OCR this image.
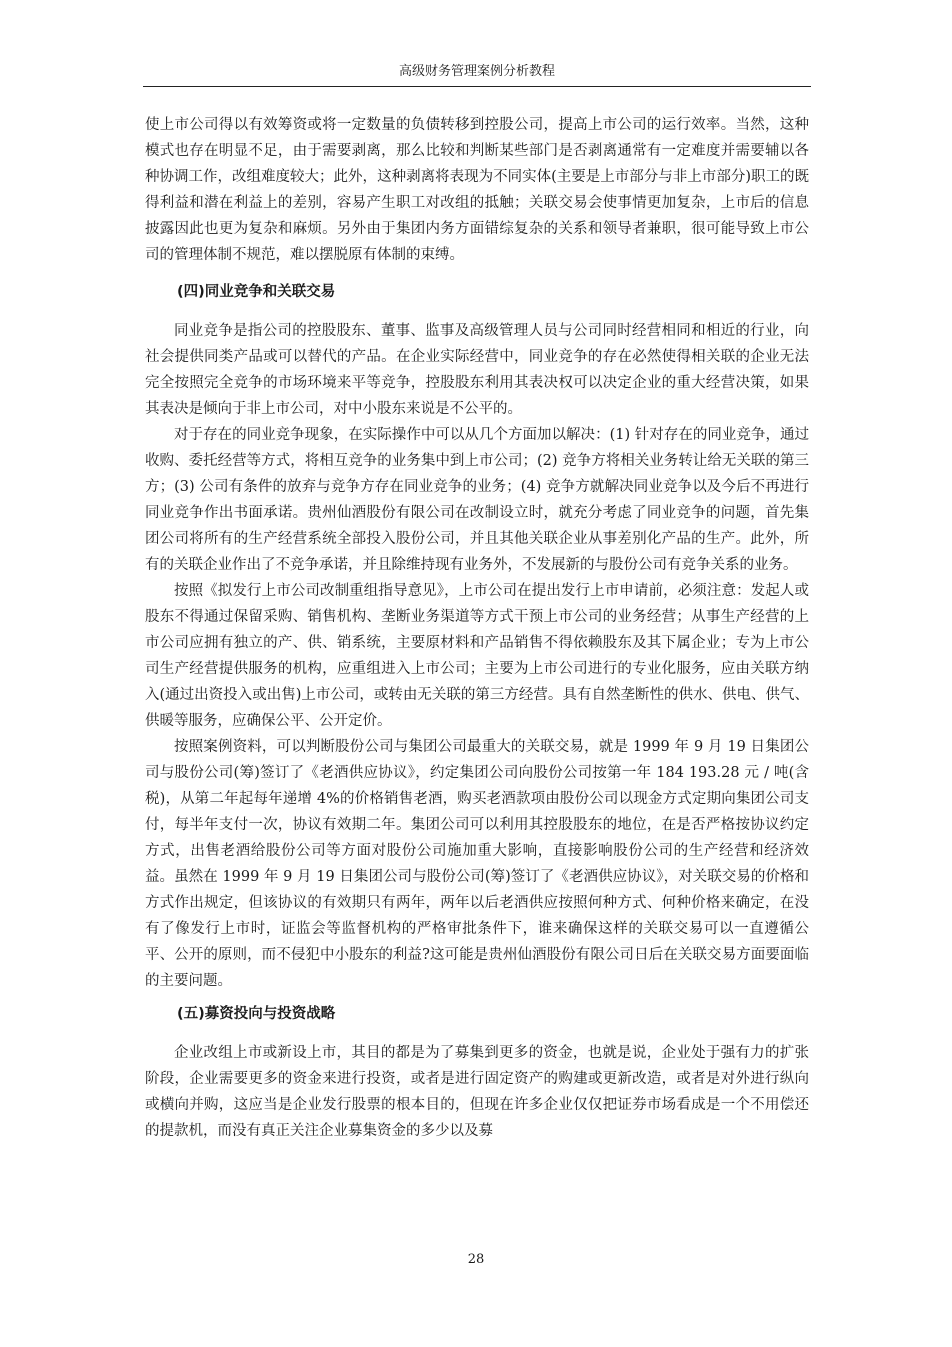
高级财务管理案例分析教程

使上市公司得以有效筹资或将一定数量的负债转移到控股公司，提高上市公司的运行效率。当然，这种模式也存在明显不足，由于需要剥离，那么比较和判断某些部门是否剥离通常有一定难度并需要辅以各种协调工作，改组难度较大；此外，这种剥离将表现为不同实体(主要是上市部分与非上市部分)职工的既得利益和潜在利益上的差别，容易产生职工对改组的抵触；关联交易会使事情更加复杂，上市后的信息披露因此也更为复杂和麻烦。另外由于集团内务方面错综复杂的关系和领导者兼职，很可能导致上市公司的管理体制不规范，难以摆脱原有体制的束缚。

(四)同业竞争和关联交易

同业竞争是指公司的控股股东、董事、监事及高级管理人员与公司同时经营相同和相近的行业，向社会提供同类产品或可以替代的产品。在企业实际经营中，同业竞争的存在必然使得相关联的企业无法完全按照完全竞争的市场环境来平等竞争，控股股东利用其表决权可以决定企业的重大经营决策，如果其表决是倾向于非上市公司，对中小股东来说是不公平的。

对于存在的同业竞争现象，在实际操作中可以从几个方面加以解决：(1) 针对存在的同业竞争，通过收购、委托经营等方式，将相互竞争的业务集中到上市公司；(2) 竞争方将相关业务转让给无关联的第三方；(3) 公司有条件的放弃与竞争方存在同业竞争的业务；(4) 竞争方就解决同业竞争以及今后不再进行同业竞争作出书面承诺。贵州仙酒股份有限公司在改制设立时，就充分考虑了同业竞争的问题，首先集团公司将所有的生产经营系统全部投入股份公司，并且其他关联企业从事差别化产品的生产。此外，所有的关联企业作出了不竞争承诺，并且除维持现有业务外，不发展新的与股份公司有竞争关系的业务。

按照《拟发行上市公司改制重组指导意见》，上市公司在提出发行上市申请前，必须注意：发起人或股东不得通过保留采购、销售机构、垄断业务渠道等方式干预上市公司的业务经营；从事生产经营的上市公司应拥有独立的产、供、销系统，主要原材料和产品销售不得依赖股东及其下属企业；专为上市公司生产经营提供服务的机构，应重组进入上市公司；主要为上市公司进行的专业化服务，应由关联方纳入(通过出资投入或出售)上市公司，或转由无关联的第三方经营。具有自然垄断性的供水、供电、供气、供暖等服务，应确保公平、公开定价。

按照案例资料，可以判断股份公司与集团公司最重大的关联交易，就是 1999 年 9 月 19 日集团公司与股份公司(筹)签订了《老酒供应协议》，约定集团公司向股份公司按第一年 184 193.28 元 / 吨(含税)，从第二年起每年递增 4%的价格销售老酒，购买老酒款项由股份公司以现金方式定期向集团公司支付，每半年支付一次，协议有效期二年。集团公司可以利用其控股股东的地位，在是否严格按协议约定方式，出售老酒给股份公司等方面对股份公司施加重大影响，直接影响股份公司的生产经营和经济效益。虽然在 1999 年 9 月 19 日集团公司与股份公司(筹)签订了《老酒供应协议》，对关联交易的价格和方式作出规定，但该协议的有效期只有两年，两年以后老酒供应按照何种方式、何种价格来确定，在没有了像发行上市时，证监会等监督机构的严格审批条件下，谁来确保这样的关联交易可以一直遵循公平、公开的原则，而不侵犯中小股东的利益?这可能是贵州仙酒股份有限公司日后在关联交易方面要面临的主要问题。

(五)募资投向与投资战略

企业改组上市或新设上市，其目的都是为了募集到更多的资金，也就是说，企业处于强有力的扩张阶段，企业需要更多的资金来进行投资，或者是进行固定资产的购建或更新改造，或者是对外进行纵向或横向并购，这应当是企业发行股票的根本目的，但现在许多企业仅仅把证券市场看成是一个不用偿还的提款机，而没有真正关注企业募集资金的多少以及募

28
